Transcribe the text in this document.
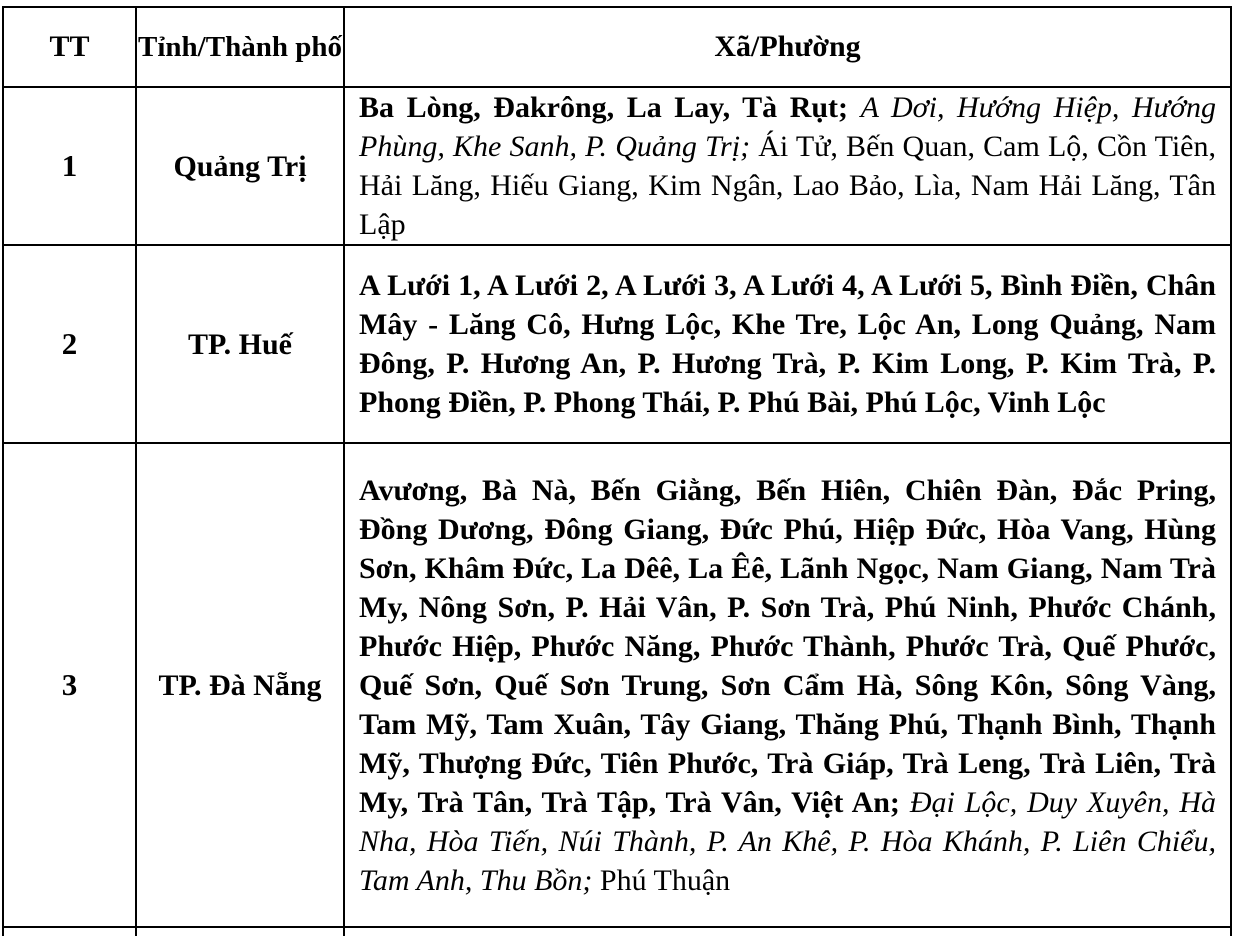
TT	Tỉnh/Thành phố	Xã/Phường
1	Quảng Trị	Ba Lòng, Đakrông, La Lay, Tà Rụt; A Dơi, Hướng Hiệp, Hướng Phùng, Khe Sanh, P. Quảng Trị; Ái Tử, Bến Quan, Cam Lộ, Cồn Tiên, Hải Lăng, Hiếu Giang, Kim Ngân, Lao Bảo, Lìa, Nam Hải Lăng, Tân Lập
2	TP. Huế	A Lưới 1, A Lưới 2, A Lưới 3, A Lưới 4, A Lưới 5, Bình Điền, Chân Mây - Lăng Cô, Hưng Lộc, Khe Tre, Lộc An, Long Quảng, Nam Đông, P. Hương An, P. Hương Trà, P. Kim Long, P. Kim Trà, P. Phong Điền, P. Phong Thái, P. Phú Bài, Phú Lộc, Vinh Lộc
3	TP. Đà Nẵng	Avương, Bà Nà, Bến Giằng, Bến Hiên, Chiên Đàn, Đắc Pring, Đồng Dương, Đông Giang, Đức Phú, Hiệp Đức, Hòa Vang, Hùng Sơn, Khâm Đức, La Dêê, La Êê, Lãnh Ngọc, Nam Giang, Nam Trà My, Nông Sơn, P. Hải Vân, P. Sơn Trà, Phú Ninh, Phước Chánh, Phước Hiệp, Phước Năng, Phước Thành, Phước Trà, Quế Phước, Quế Sơn, Quế Sơn Trung, Sơn Cẩm Hà, Sông Kôn, Sông Vàng, Tam Mỹ, Tam Xuân, Tây Giang, Thăng Phú, Thạnh Bình, Thạnh Mỹ, Thượng Đức, Tiên Phước, Trà Giáp, Trà Leng, Trà Liên, Trà My, Trà Tân, Trà Tập, Trà Vân, Việt An; Đại Lộc, Duy Xuyên, Hà Nha, Hòa Tiến, Núi Thành, P. An Khê, P. Hòa Khánh, P. Liên Chiểu, Tam Anh, Thu Bồn; Phú Thuận
